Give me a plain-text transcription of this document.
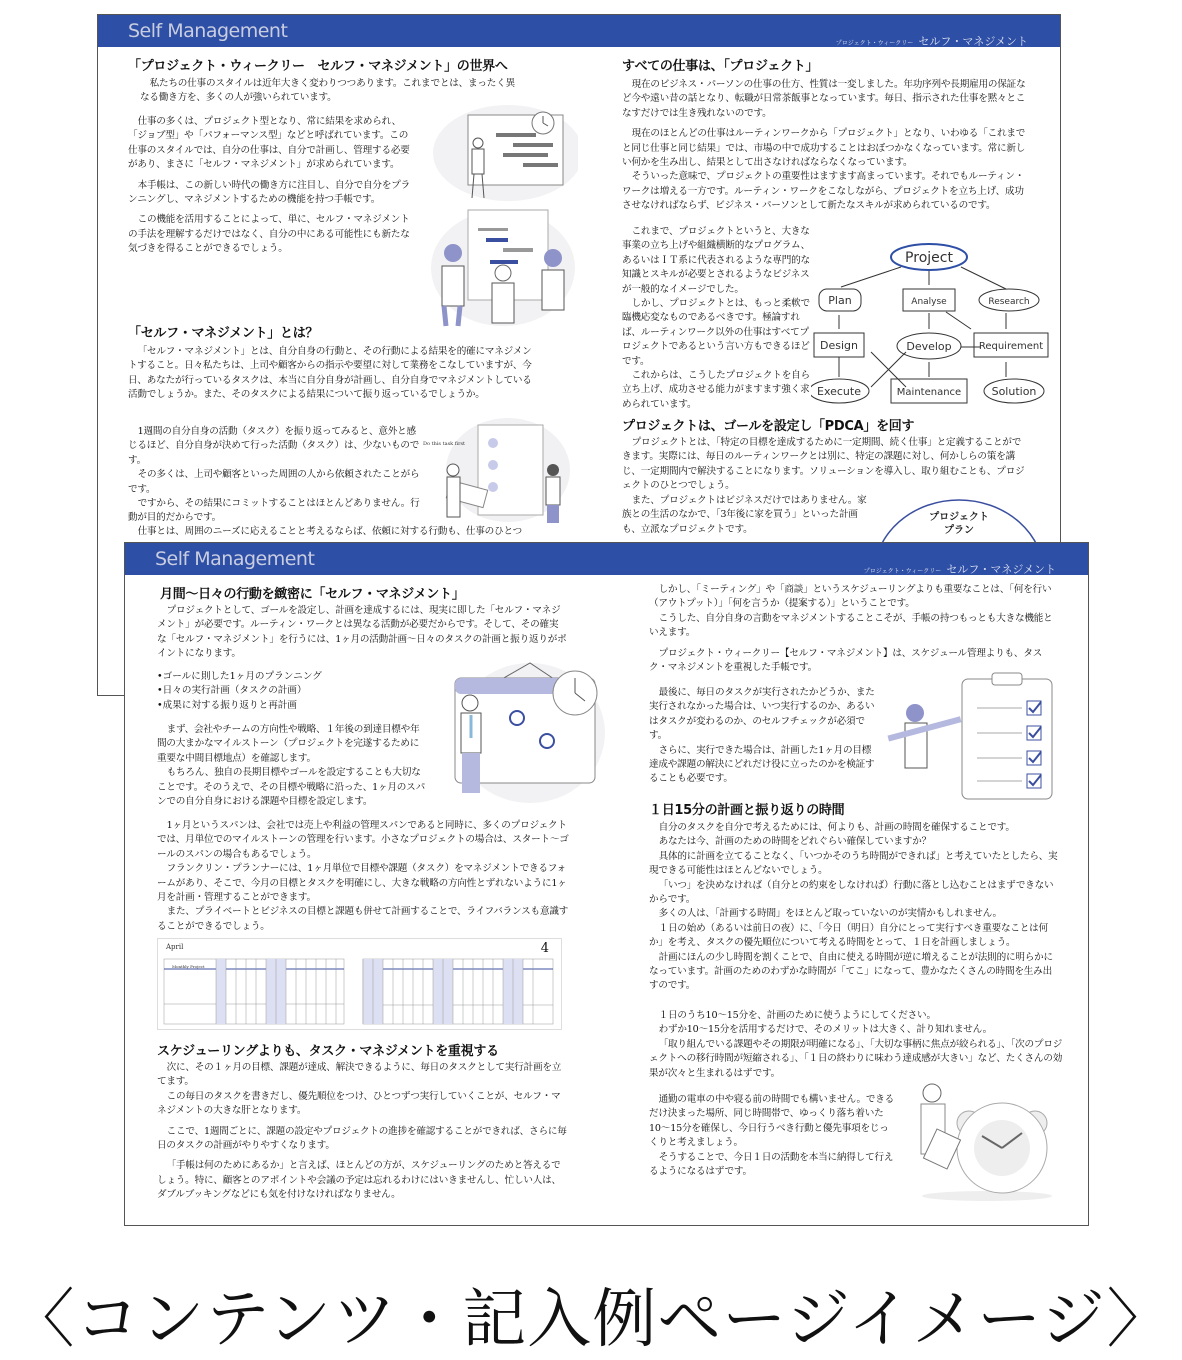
Self Management
「プロジェクト・ウィークリー　セルフ・マネジメント」の世界へ

私たちの仕事のスタイルは近年大きく変わりつつあります。これまでとは、まったく異なる働き方を、多くの人が強いられています。

仕事の多くは、プロジェクト型となり、常に結果を求められ、「ジョブ型」や「パフォーマンス型」などと呼ばれています。この仕事のスタイルでは、自分の仕事は、自分で計画し、管理する必要があり、まさに「セルフ・マネジメント」が求められています。

本手帳は、この新しい時代の働き方に注目し、自分で自分をプランニングし、マネジメントするための機能を持つ手帳です。

この機能を活用することによって、単に、セルフ・マネジメントの手法を理解するだけではなく、自分の中にある可能性にも新たな気づきを得ることができるでしょう。

「セルフ・マネジメント」とは？

「セルフ・マネジメント」とは、自分自身の行動と、その行動による結果を的確にマネジメントすること。日々私たちは、上司や顧客からの指示や要望に対して業務をこなしていますが、今日、あなたが行っているタスクは、本当に自分自身が計画し、自分自身でマネジメントしている活動でしょうか。また、そのタスクによる結果について振り返っているでしょうか。

1週間の自分自身の活動（タスク）を振り返ってみると、意外と感じるほど、自分自身が決めて行った活動（タスク）は、少ないものです。

その多くは、上司や顧客といった周囲の人から依頼されたことがらです。

ですから、その結果にコミットすることはほとんどありません。行動が目的だからです。

仕事とは、周囲のニーズに応えることと考えるならば、依頼に対する行動も、仕事のひとつ

Do this task first
プロジェクト・ウィークリー セルフ・マネジメント
すべての仕事は、「プロジェクト」

現在のビジネス・パーソンの仕事の仕方、性質は一変しました。年功序列や長期雇用の保証など今や遠い昔の話となり、転職が日常茶飯事となっています。毎日、指示された仕事を黙々とこなすだけでは生き残れないのです。

現在のほとんどの仕事はルーティンワークから「プロジェクト」となり、いわゆる「これまでと同じ仕事と同じ結果」では、市場の中で成功することはおぼつかなくなっています。常に新しい何かを生み出し、結果として出さなければならなくなっています。

そういった意味で、プロジェクトの重要性はますます高まっています。それでもルーティン・ワークは増える一方です。ルーティン・ワークをこなしながら、プロジェクトを立ち上げ、成功させなければならず、ビジネス・パーソンとして新たなスキルが求められているのです。

これまで、プロジェクトというと、大きな事業の立ち上げや組織横断的なプログラム、あるいはＩＴ系に代表されるような専門的な知識とスキルが必要とされるようなビジネスが一般的なイメージでした。

しかし、プロジェクトとは、もっと柔軟で臨機応変なものであるべきです。極論すれば、ルーティンワーク以外の仕事はすべてプロジェクトであるという言い方もできるほどです。

これからは、こうしたプロジェクトを自ら立ち上げ、成功させる能力がますます強く求められています。

Project
Plan	Analyse	Research
Design	Develop	Requirement
Execute	Maintenance	Solution
プロジェクトは、ゴールを設定し「PDCA」を回す

プロジェクトとは、「特定の目標を達成するために一定期間、続く仕事」と定義することができます。実際には、毎日のルーティンワークとは別に、特定の課題に対し、何かしらの策を講じ、一定期間内で解決することになります。ソリューションを導入し、取り組むことも、プロジェクトのひとつでしょう。

また、プロジェクトはビジネスだけではありません。家族との生活のなかで、「3年後に家を買う」といった計画も、立派なプロジェクトです。

プロジェクト
プラン
Self Management
月間～日々の行動を緻密に「セルフ・マネジメント」

プロジェクトとして、ゴールを設定し、計画を達成するには、現実に即した「セルフ・マネジメント」が必要です。ルーティン・ワークとは異なる活動が必要だからです。そして、その確実な「セルフ・マネジメント」を行うには、1ヶ月の活動計画～日々のタスクの計画と振り返りがポイントになります。

•ゴールに則した1ヶ月のプランニング

•日々の実行計画（タスクの計画）

•成果に対する振り返りと再計画

まず、会社やチームの方向性や戦略、１年後の到達目標や年間の大まかなマイルストーン（プロジェクトを完遂するために重要な中間目標地点）を確認します。

もちろん、独自の長期目標やゴールを設定することも大切なことです。そのうえで、その目標や戦略に沿った、1ヶ月のスパンでの自分自身における課題や目標を設定します。

1ヶ月というスパンは、会社では売上や利益の管理スパンであると同時に、多くのプロジェクトでは、月単位でのマイルストーンの管理を行います。小さなプロジェクトの場合は、スタート～ゴールのスパンの場合もあるでしょう。

フランクリン・プランナーには、1ヶ月単位で目標や課題（タスク）をマネジメントできるフォームがあり、そこで、今月の目標とタスクを明確にし、大きな戦略の方向性とずれないように1ヶ月を計画・管理することができます。

また、プライベートとビジネスの目標と課題も併せて計画することで、ライフバランスも意識することができるでしょう。

April	4
Monthly Project
スケジューリングよりも、タスク・マネジメントを重視する

次に、その１ヶ月の目標、課題が達成、解決できるように、毎日のタスクとして実行計画を立てます。

この毎日のタスクを書きだし、優先順位をつけ、ひとつずつ実行していくことが、セルフ・マネジメントの大きな肝となります。

ここで、1週間ごとに、課題の設定やプロジェクトの進捗を確認することができれば、さらに毎日のタスクの計画がやりやすくなります。

「手帳は何のためにあるか」と言えば、ほとんどの方が、スケジューリングのためと答えるでしょう。特に、顧客とのアポイントや会議の予定は忘れるわけにはいきませんし、忙しい人は、ダブルブッキングなどにも気を付けなければなりません。

プロジェクト・ウィークリー セルフ・マネジメント

しかし、「ミーティング」や「商談」というスケジューリングよりも重要なことは、「何を行い（アウトプット）」「何を言うか（提案する）」ということです。

こうした、自分自身の言動をマネジメントすることこそが、手帳の持つもっとも大きな機能といえます。

プロジェクト・ウィークリー【セルフ・マネジメント】は、スケジュール管理よりも、タスク・マネジメントを重視した手帳です。

最後に、毎日のタスクが実行されたかどうか、また実行されなかった場合は、いつ実行するのか、あるいはタスクが変わるのか、のセルフチェックが必須です。

さらに、実行できた場合は、計画した1ヶ月の目標達成や課題の解決にどれだけ役に立ったのかを検証することも必要です。

１日15分の計画と振り返りの時間

自分のタスクを自分で考えるためには、何よりも、計画の時間を確保することです。

あなたは今、計画のための時間をどれぐらい確保していますか？

具体的に計画を立てることなく、「いつかそのうち時間ができれば」と考えていたとしたら、実現できる可能性はほとんどないでしょう。

「いつ」を決めなければ（自分との約束をしなければ）行動に落とし込むことはまずできないからです。

多くの人は、「計画する時間」をほとんど取っていないのが実情かもしれません。

１日の始め（あるいは前日の夜）に、「今日（明日）自分にとって実行すべき重要なことは何か」を考え、タスクの優先順位について考える時間をとって、１日を計画しましょう。

計画にほんの少し時間を割くことで、自由に使える時間が逆に増えることが法則的に明らかになっています。計画のためのわずかな時間が「てこ」になって、豊かなたくさんの時間を生み出すのです。

１日のうち10～15分を、計画のために使うようにしてください。

わずか10～15分を活用するだけで、そのメリットは大きく、計り知れません。

「取り組んでいる課題やその期限が明確になる」、「大切な事柄に焦点が絞られる」、「次のプロジェクトへの移行時間が短縮される」、「１日の終わりに味わう達成感が大きい」など、たくさんの効果が次々と生まれるはずです。

通勤の電車の中や寝る前の時間でも構いません。できるだけ決まった場所、同じ時間帯で、ゆっくり落ち着いた10～15分を確保し、今日行うべき行動と優先事項をじっくりと考えましょう。

そうすることで、今日１日の活動を本当に納得して行えるようになるはずです。

〈コンテンツ・記入例ページイメージ〉
